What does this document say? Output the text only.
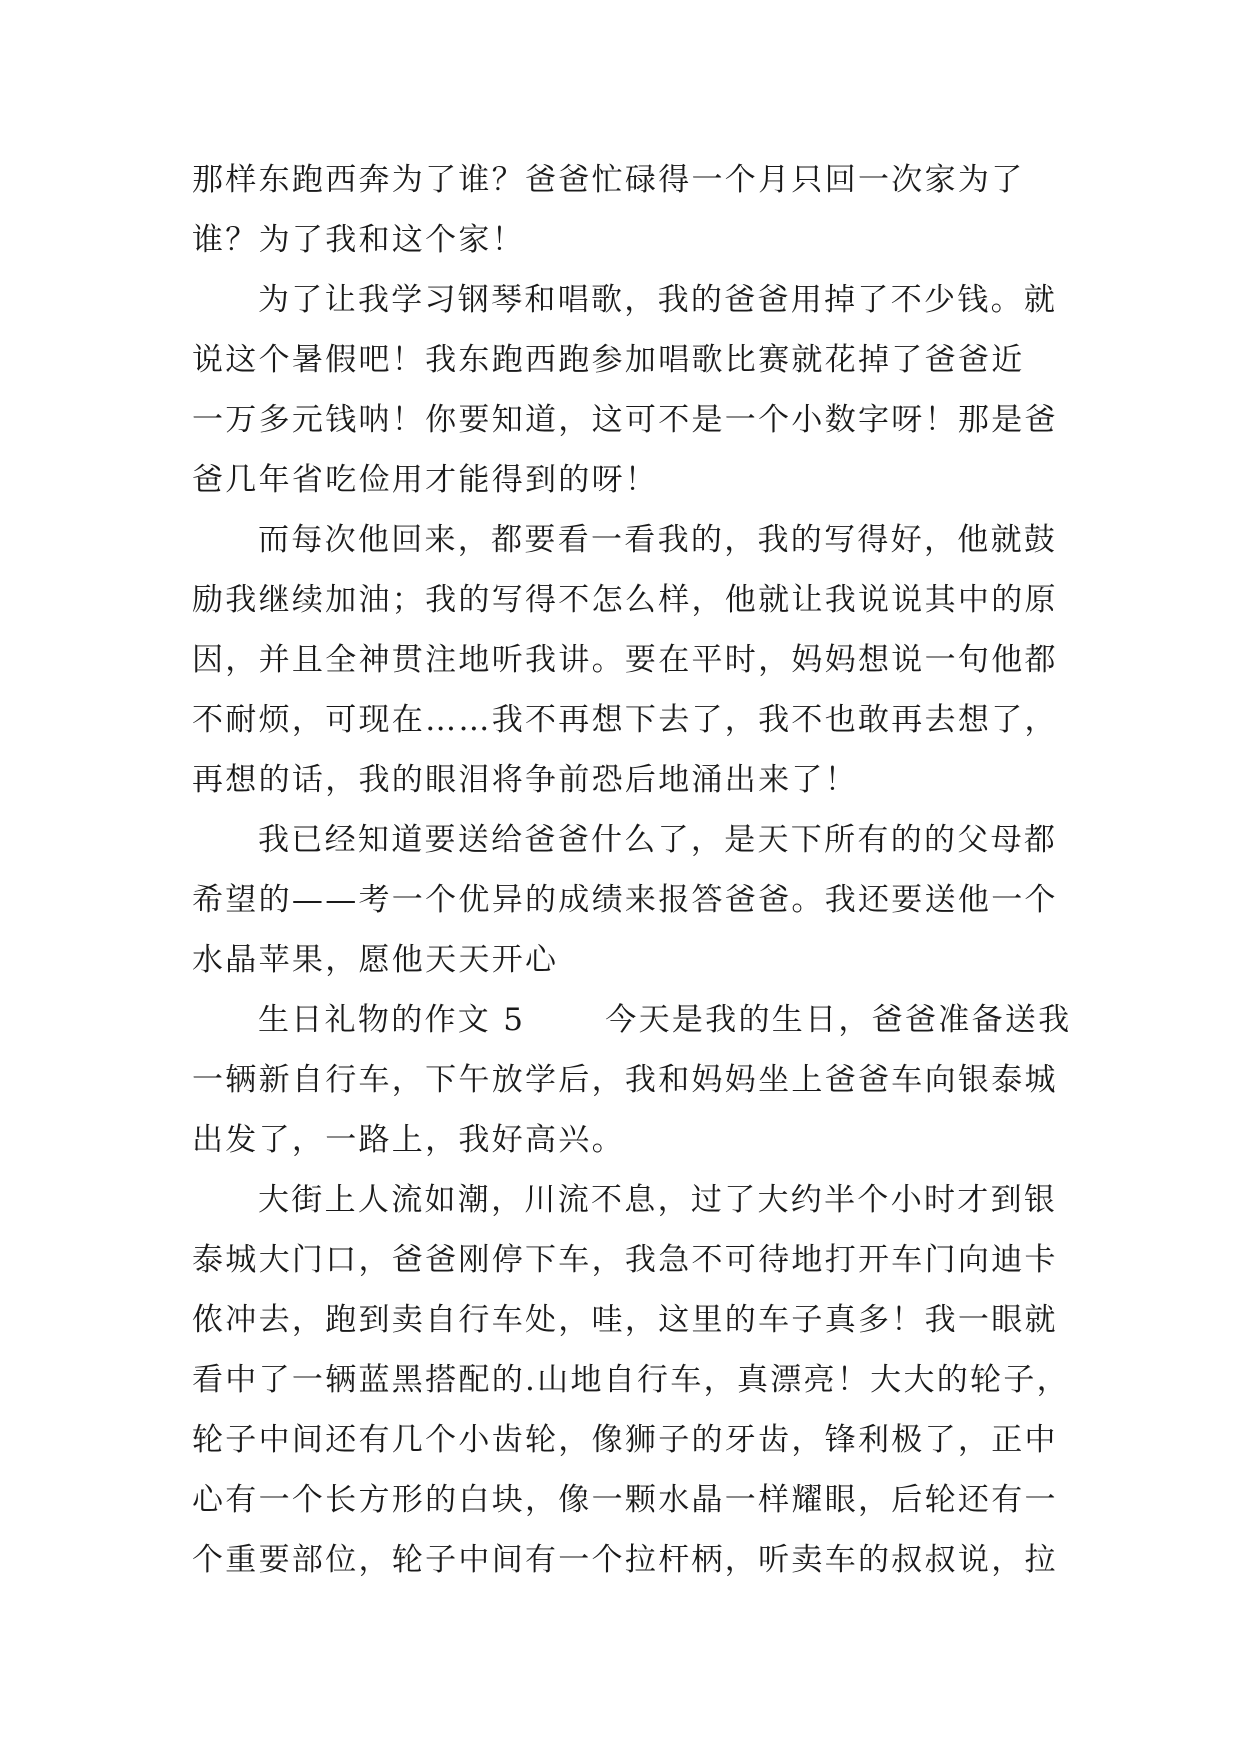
那样东跑西奔为了谁？爸爸忙碌得一个月只回一次家为了
谁？为了我和这个家！
为了让我学习钢琴和唱歌，我的爸爸用掉了不少钱。就
说这个暑假吧！我东跑西跑参加唱歌比赛就花掉了爸爸近
一万多元钱呐！你要知道，这可不是一个小数字呀！那是爸
爸几年省吃俭用才能得到的呀！
而每次他回来，都要看一看我的，我的写得好，他就鼓
励我继续加油；我的写得不怎么样，他就让我说说其中的原
因，并且全神贯注地听我讲。要在平时，妈妈想说一句他都
不耐烦，可现在……我不再想下去了，我不也敢再去想了，
再想的话，我的眼泪将争前恐后地涌出来了！
我已经知道要送给爸爸什么了，是天下所有的的父母都
希望的——考一个优异的成绩来报答爸爸。我还要送他一个
水晶苹果，愿他天天开心
生日礼物的作文 5	今天是我的生日，爸爸准备送我
一辆新自行车，下午放学后，我和妈妈坐上爸爸车向银泰城
出发了，一路上，我好高兴。
大街上人流如潮，川流不息，过了大约半个小时才到银
泰城大门口，爸爸刚停下车，我急不可待地打开车门向迪卡
侬冲去，跑到卖自行车处，哇，这里的车子真多！我一眼就
看中了一辆蓝黑搭配的.山地自行车，真漂亮！大大的轮子，
轮子中间还有几个小齿轮，像狮子的牙齿，锋利极了，正中
心有一个长方形的白块，像一颗水晶一样耀眼，后轮还有一
个重要部位，轮子中间有一个拉杆柄，听卖车的叔叔说，拉
